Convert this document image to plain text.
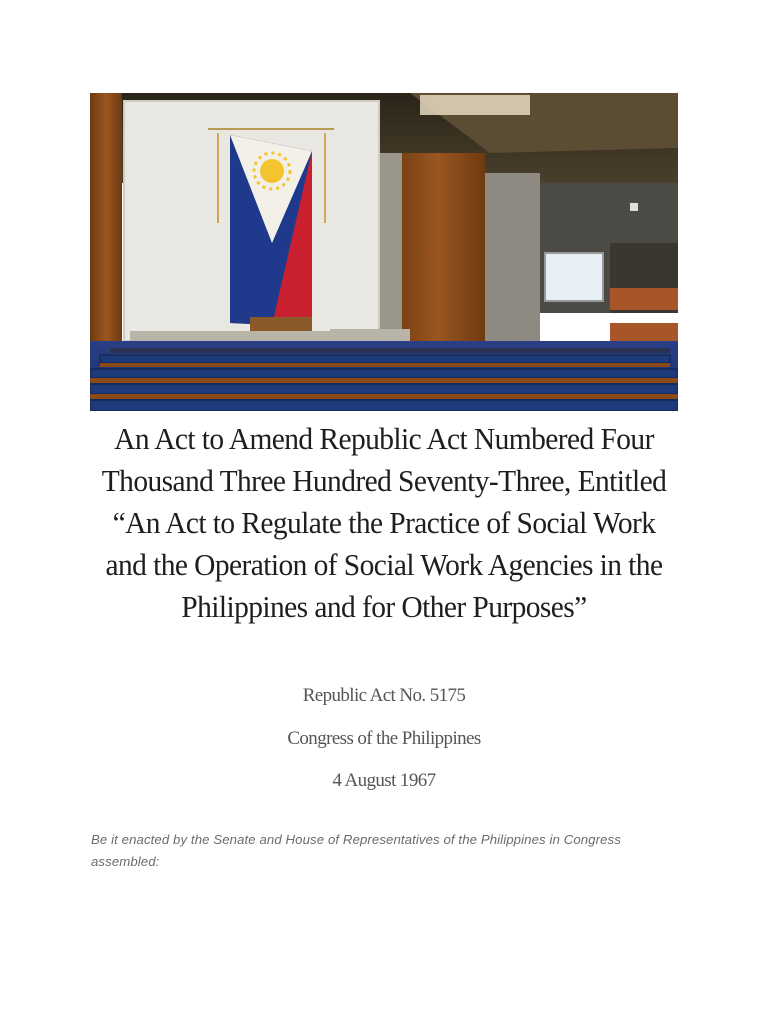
An Act to Amend Republic Act Numbered Four Thousand Three Hundred Seventy-Three, Entitled “An Act to Regulate the Practice of Social Work and the Operation of Social Work Agencies in the Philippines and for Other Purposes”
Republic Act No. 5175
Congress of the Philippines
4 August 1967
Be it enacted by the Senate and House of Representatives of the Philippines in Congress assembled:
